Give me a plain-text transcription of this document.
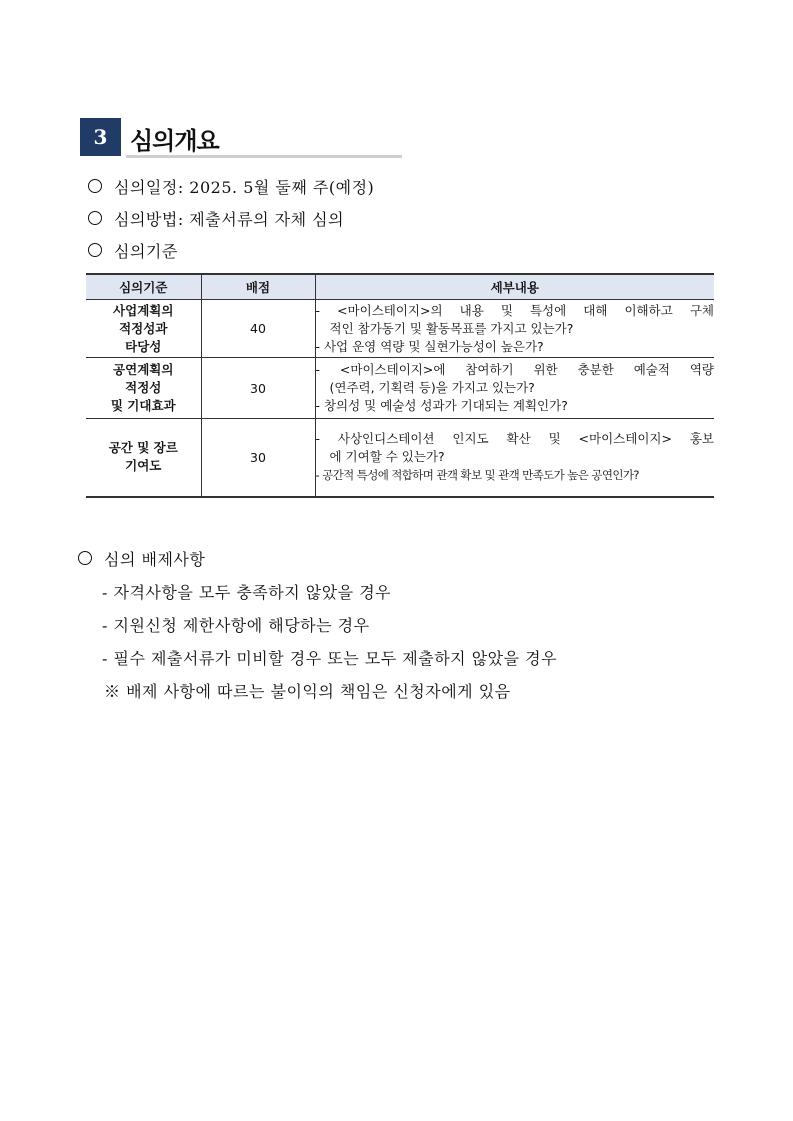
3 심의개요
심의일정: 2025. 5월 둘째 주(예정)
심의방법: 제출서류의 자체 심의
심의기준
심의기준	배점	세부내용

사업계획의
적정성과
타당성	40	- <마이스테이지>의 내용 및 특성에 대해 이해하고 구체
적인 참가동기 및 활동목표를 가지고 있는가?
- 사업 운영 역량 및 실현가능성이 높은가?

공연계획의
적정성
및 기대효과	30	- <마이스테이지>에 참여하기 위한 충분한 예술적 역량
(연주력, 기획력 등)을 가지고 있는가?
- 창의성 및 예술성 성과가 기대되는 계획인가?

공간 및 장르
기여도	30	- 사상인디스테이션 인지도 확산 및 <마이스테이지> 홍보
에 기여할 수 있는가?
- 공간적 특성에 적합하며 관객 확보 및 관객 만족도가 높은 공연인가?
심의 배제사항
- 자격사항을 모두 충족하지 않았을 경우
- 지원신청 제한사항에 해당하는 경우
- 필수 제출서류가 미비할 경우 또는 모두 제출하지 않았을 경우
※ 배제 사항에 따르는 불이익의 책임은 신청자에게 있음
